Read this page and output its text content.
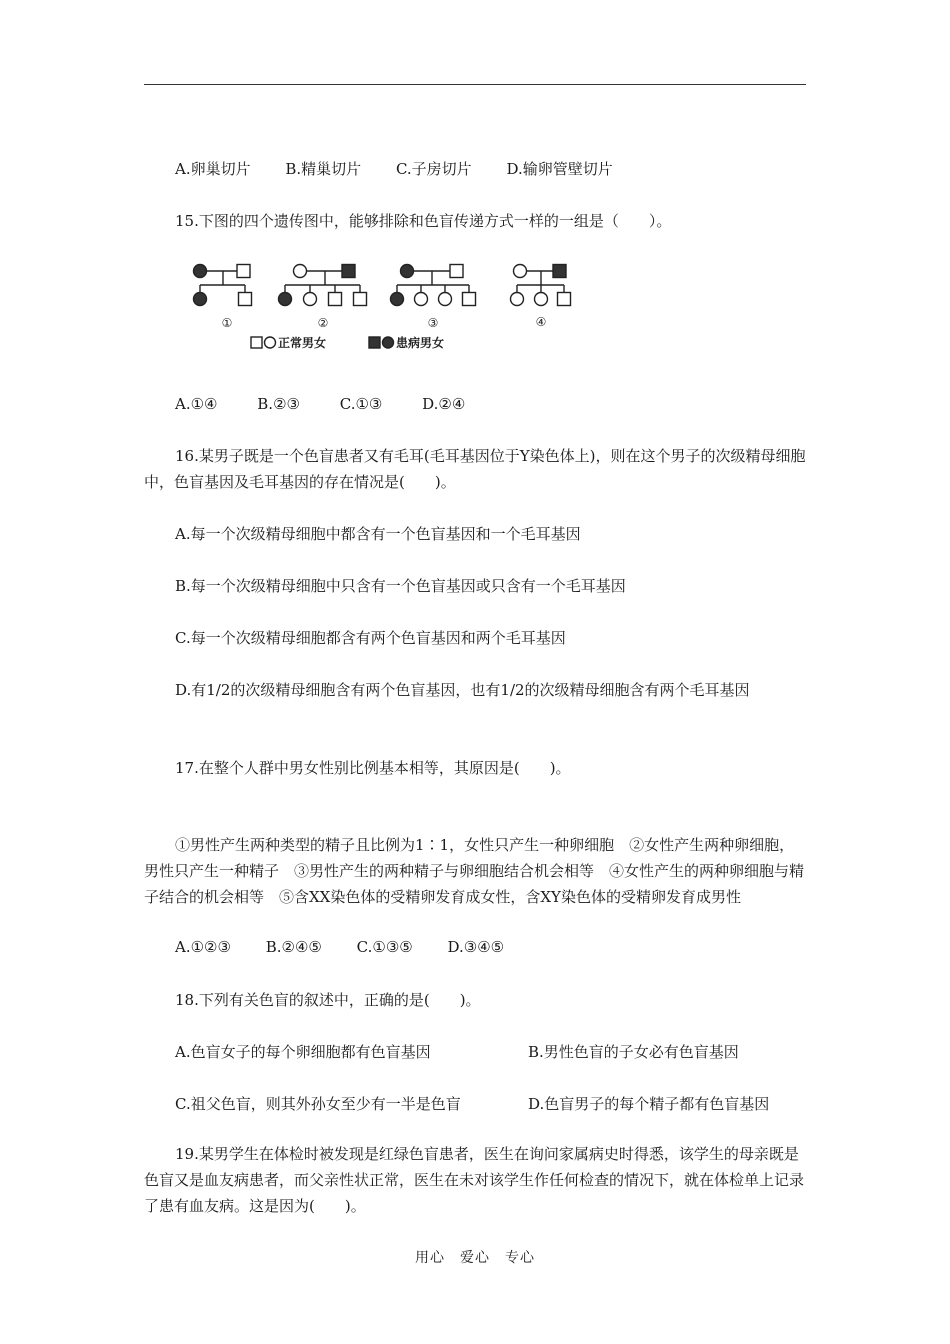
A.卵巢切片 B.精巢切片 C.子房切片 D.输卵管壁切片
15.下图的四个遗传图中，能够排除和色盲传递方式一样的一组是（　　）。
①	②	③
正常男女	患病男女
④
A.①④	B.②③	C.①③	D.②④
16.某男子既是一个色盲患者又有毛耳(毛耳基因位于Y染色体上)，则在这个男子的次级精母细胞中，色盲基因及毛耳基因的存在情况是(　　)。
A.每一个次级精母细胞中都含有一个色盲基因和一个毛耳基因
B.每一个次级精母细胞中只含有一个色盲基因或只含有一个毛耳基因
C.每一个次级精母细胞都含有两个色盲基因和两个毛耳基因
D.有1/2的次级精母细胞含有两个色盲基因，也有1/2的次级精母细胞含有两个毛耳基因
17.在整个人群中男女性别比例基本相等，其原因是(　　)。
①男性产生两种类型的精子且比例为1∶1，女性只产生一种卵细胞　②女性产生两种卵细胞，男性只产生一种精子　③男性产生的两种精子与卵细胞结合机会相等　④女性产生的两种卵细胞与精子结合的机会相等　⑤含XX染色体的受精卵发育成女性，含XY染色体的受精卵发育成男性
A.①②③ B.②④⑤ C.①③⑤ D.③④⑤
18.下列有关色盲的叙述中，正确的是(　　)。
A.色盲女子的每个卵细胞都有色盲基因	B.男性色盲的子女必有色盲基因
C.祖父色盲，则其外孙女至少有一半是色盲	D.色盲男子的每个精子都有色盲基因
19.某男学生在体检时被发现是红绿色盲患者，医生在询问家属病史时得悉，该学生的母亲既是色盲又是血友病患者，而父亲性状正常，医生在未对该学生作任何检查的情况下，就在体检单上记录了患有血友病。这是因为(　　)。
用心　爱心　专心
